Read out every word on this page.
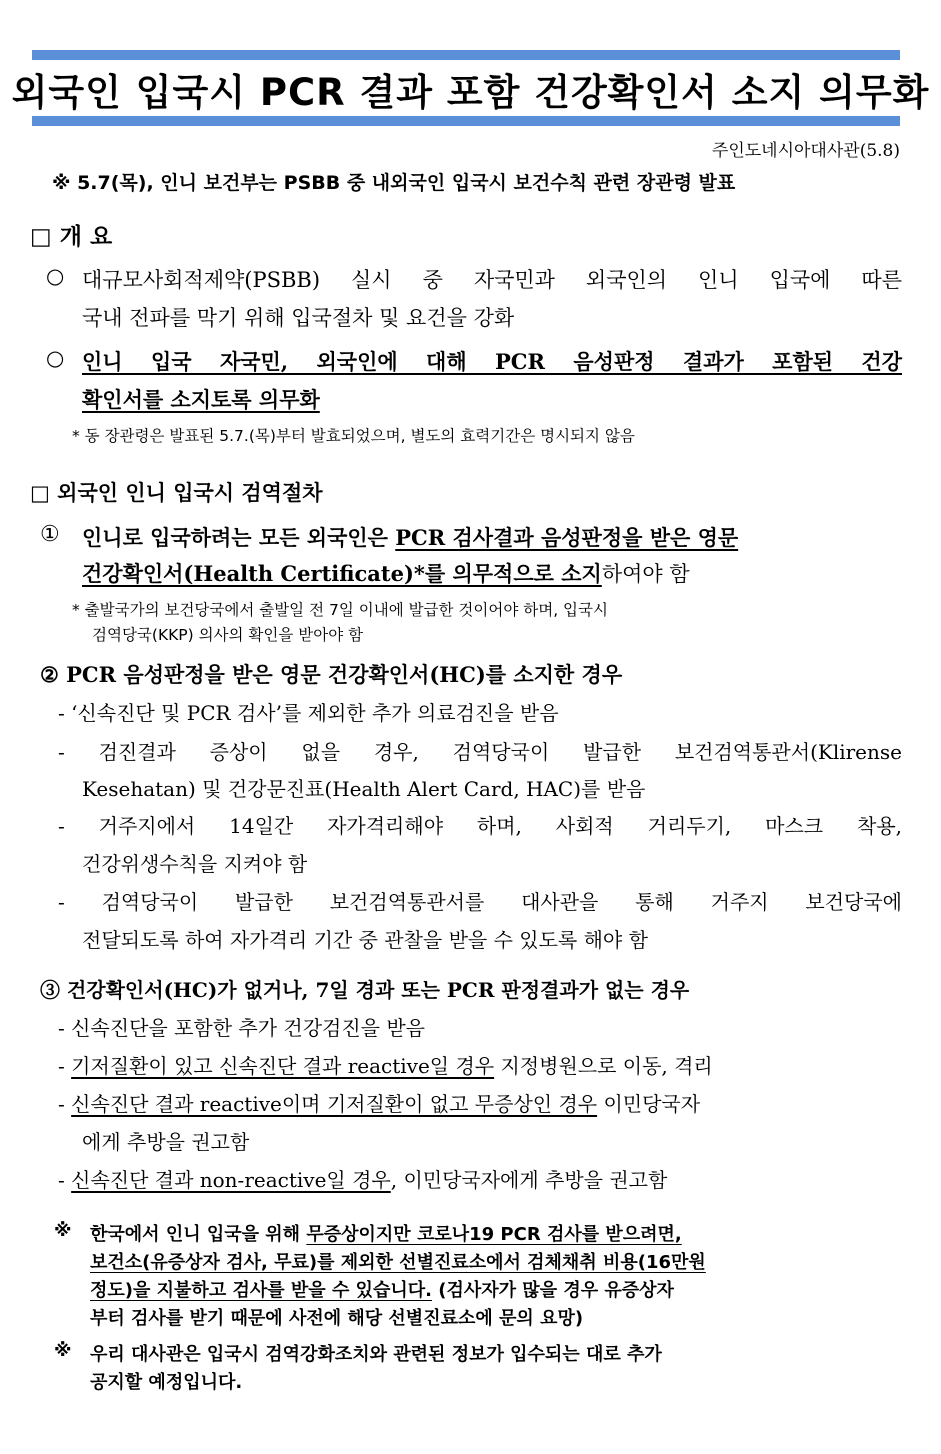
외국인 입국시 PCR 결과 포함 건강확인서 소지 의무화
주인도네시아대사관(5.8)
※ 5.7(목), 인니 보건부는 PSBB 중 내외국인 입국시 보건수칙 관련 장관령 발표
□ 개 요
○ 대규모사회적제약(PSBB) 실시 중 자국민과 외국인의 인니 입국에 따른
국내 전파를 막기 위해 입국절차 및 요건을 강화
○ 인니 입국 자국민, 외국인에 대해 PCR 음성판정 결과가 포함된 건강
확인서를 소지토록 의무화
* 동 장관령은 발표된 5.7.(목)부터 발효되었으며, 별도의 효력기간은 명시되지 않음
□ 외국인 인니 입국시 검역절차
① 인니로 입국하려는 모든 외국인은 PCR 검사결과 음성판정을 받은 영문
건강확인서(Health Certificate)*를 의무적으로 소지하여야 함
* 출발국가의 보건당국에서 출발일 전 7일 이내에 발급한 것이어야 하며, 입국시
검역당국(KKP) 의사의 확인을 받아야 함
② PCR 음성판정을 받은 영문 건강확인서(HC)를 소지한 경우
- ‘신속진단 및 PCR 검사’를 제외한 추가 의료검진을 받음
- 검진결과 증상이 없을 경우, 검역당국이 발급한 보건검역통관서(Klirense
Kesehatan) 및 건강문진표(Health Alert Card, HAC)를 받음
- 거주지에서 14일간 자가격리해야 하며, 사회적 거리두기, 마스크 착용,
건강위생수칙을 지켜야 함
- 검역당국이 발급한 보건검역통관서를 대사관을 통해 거주지 보건당국에
전달되도록 하여 자가격리 기간 중 관찰을 받을 수 있도록 해야 함
③ 건강확인서(HC)가 없거나, 7일 경과 또는 PCR 판정결과가 없는 경우
- 신속진단을 포함한 추가 건강검진을 받음
- 기저질환이 있고 신속진단 결과 reactive일 경우 지정병원으로 이동, 격리
- 신속진단 결과 reactive이며 기저질환이 없고 무증상인 경우 이민당국자
에게 추방을 권고함
- 신속진단 결과 non-reactive일 경우, 이민당국자에게 추방을 권고함
※ 한국에서 인니 입국을 위해 무증상이지만 코로나19 PCR 검사를 받으려면,
보건소(유증상자 검사, 무료)를 제외한 선별진료소에서 검체채취 비용(16만원
정도)을 지불하고 검사를 받을 수 있습니다. (검사자가 많을 경우 유증상자
부터 검사를 받기 때문에 사전에 해당 선별진료소에 문의 요망)
※ 우리 대사관은 입국시 검역강화조치와 관련된 정보가 입수되는 대로 추가
공지할 예정입니다.
